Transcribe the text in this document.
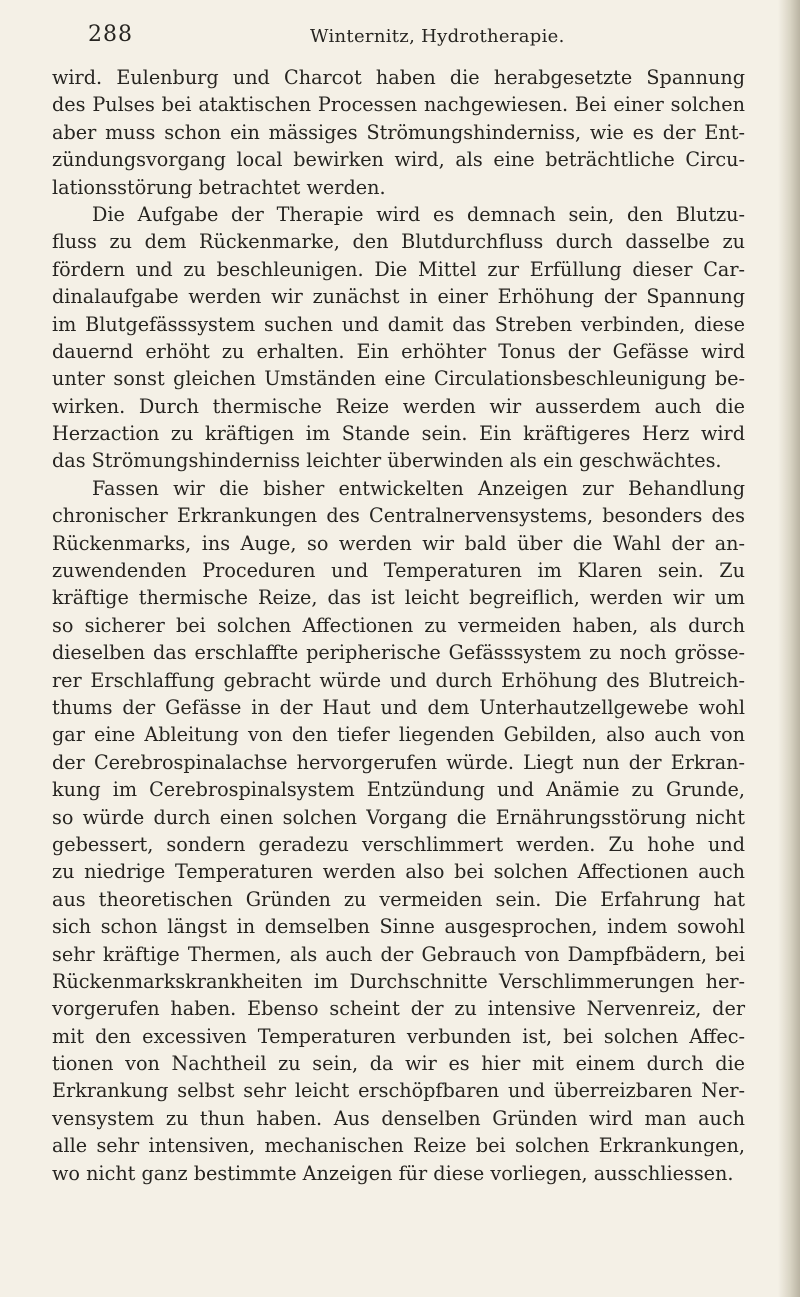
288	Winternitz, Hydrotherapie.
wird. Eulenburg und Charcot haben die herabgesetzte Spannung
des Pulses bei ataktischen Processen nachgewiesen. Bei einer solchen
aber muss schon ein mässiges Strömungshinderniss, wie es der Ent-
zündungsvorgang local bewirken wird, als eine beträchtliche Circu-
lationsstörung betrachtet werden.
Die Aufgabe der Therapie wird es demnach sein, den Blutzu-
fluss zu dem Rückenmarke, den Blutdurchfluss durch dasselbe zu
fördern und zu beschleunigen. Die Mittel zur Erfüllung dieser Car-
dinalaufgabe werden wir zunächst in einer Erhöhung der Spannung
im Blutgefässsystem suchen und damit das Streben verbinden, diese
dauernd erhöht zu erhalten. Ein erhöhter Tonus der Gefässe wird
unter sonst gleichen Umständen eine Circulationsbeschleunigung be-
wirken. Durch thermische Reize werden wir ausserdem auch die
Herzaction zu kräftigen im Stande sein. Ein kräftigeres Herz wird
das Strömungshinderniss leichter überwinden als ein geschwächtes.
Fassen wir die bisher entwickelten Anzeigen zur Behandlung
chronischer Erkrankungen des Centralnervensystems, besonders des
Rückenmarks, ins Auge, so werden wir bald über die Wahl der an-
zuwendenden Proceduren und Temperaturen im Klaren sein. Zu
kräftige thermische Reize, das ist leicht begreiflich, werden wir um
so sicherer bei solchen Affectionen zu vermeiden haben, als durch
dieselben das erschlaffte peripherische Gefässsystem zu noch grösse-
rer Erschlaffung gebracht würde und durch Erhöhung des Blutreich-
thums der Gefässe in der Haut und dem Unterhautzellgewebe wohl
gar eine Ableitung von den tiefer liegenden Gebilden, also auch von
der Cerebrospinalachse hervorgerufen würde. Liegt nun der Erkran-
kung im Cerebrospinalsystem Entzündung und Anämie zu Grunde,
so würde durch einen solchen Vorgang die Ernährungsstörung nicht
gebessert, sondern geradezu verschlimmert werden. Zu hohe und
zu niedrige Temperaturen werden also bei solchen Affectionen auch
aus theoretischen Gründen zu vermeiden sein. Die Erfahrung hat
sich schon längst in demselben Sinne ausgesprochen, indem sowohl
sehr kräftige Thermen, als auch der Gebrauch von Dampfbädern, bei
Rückenmarkskrankheiten im Durchschnitte Verschlimmerungen her-
vorgerufen haben. Ebenso scheint der zu intensive Nervenreiz, der
mit den excessiven Temperaturen verbunden ist, bei solchen Affec-
tionen von Nachtheil zu sein, da wir es hier mit einem durch die
Erkrankung selbst sehr leicht erschöpfbaren und überreizbaren Ner-
vensystem zu thun haben. Aus denselben Gründen wird man auch
alle sehr intensiven, mechanischen Reize bei solchen Erkrankungen,
wo nicht ganz bestimmte Anzeigen für diese vorliegen, ausschliessen.
